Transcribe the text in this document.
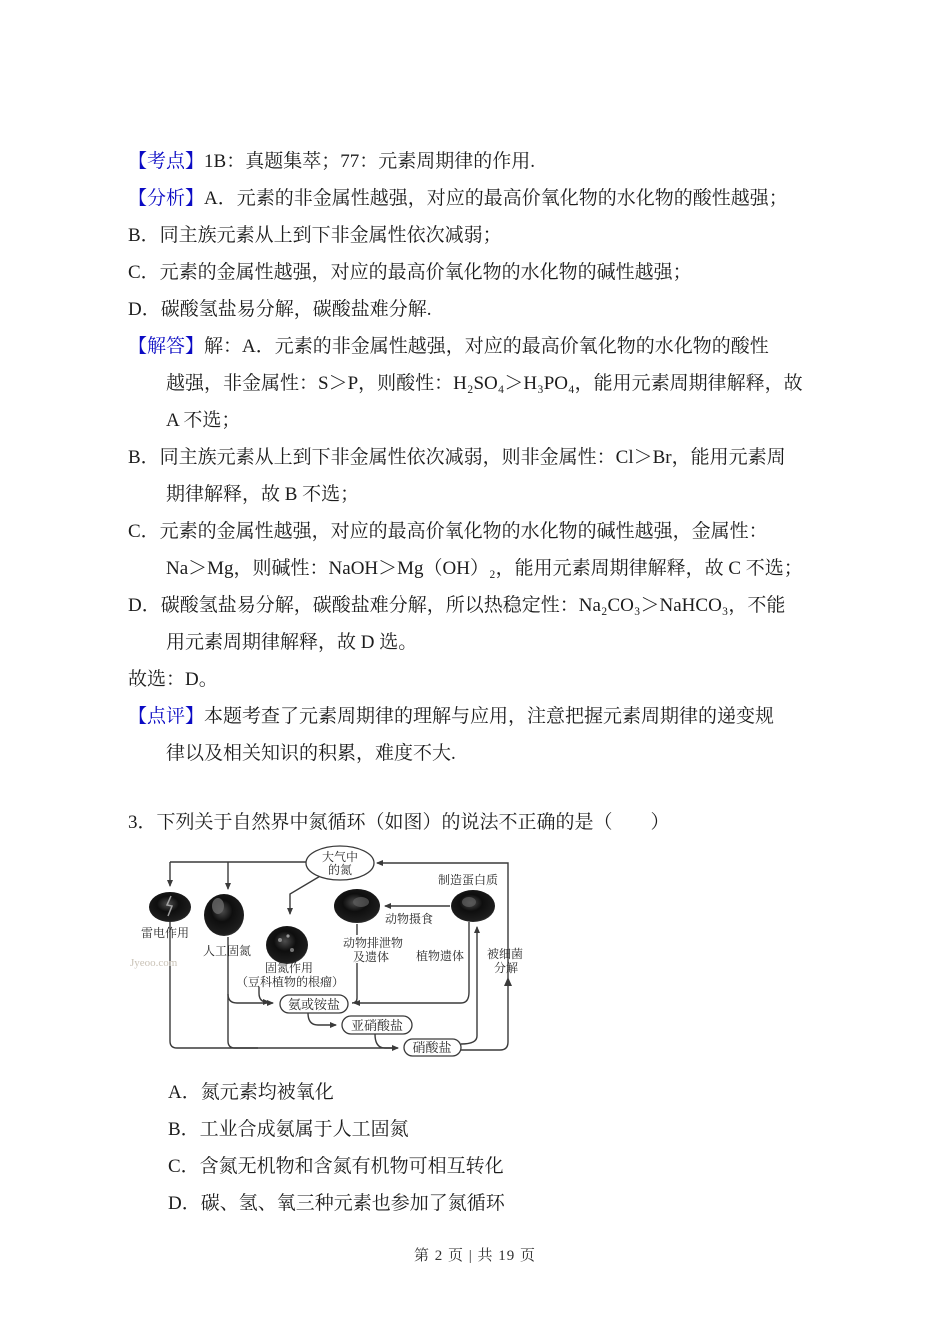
【考点】1B：真题集萃；77：元素周期律的作用.
【分析】A．元素的非金属性越强，对应的最高价氧化物的水化物的酸性越强；
B．同主族元素从上到下非金属性依次减弱；
C．元素的金属性越强，对应的最高价氧化物的水化物的碱性越强；
D．碳酸氢盐易分解，碳酸盐难分解.
【解答】解：A．元素的非金属性越强，对应的最高价氧化物的水化物的酸性
越强，非金属性：S＞P，则酸性：H₂SO₄＞H₃PO₄，能用元素周期律解释，故
A 不选；
B．同主族元素从上到下非金属性依次减弱，则非金属性：Cl＞Br，能用元素周
期律解释，故 B 不选；
C．元素的金属性越强，对应的最高价氧化物的水化物的碱性越强，金属性：
Na＞Mg，则碱性：NaOH＞Mg（OH）₂，能用元素周期律解释，故 C 不选；
D．碳酸氢盐易分解，碳酸盐难分解，所以热稳定性：Na₂CO₃＞NaHCO₃，不能
用元素周期律解释，故 D 选。
故选：D。
【点评】本题考查了元素周期律的理解与应用，注意把握元素周期律的递变规
律以及相关知识的积累，难度不大.
3．下列关于自然界中氮循环（如图）的说法不正确的是（　　）
大气中
的氮
制造蛋白质
雷电作用
人工固氮
固氮作用
（豆科植物的根瘤）
动物摄食
动物排泄物
及遗体 植物遗体 被细菌
分解
Jyeoo.com
氨或铵盐
亚硝酸盐
硝酸盐
A．氮元素均被氧化
B．工业合成氨属于人工固氮
C．含氮无机物和含氮有机物可相互转化
D．碳、氢、氧三种元素也参加了氮循环
第 2 页 | 共 19 页
